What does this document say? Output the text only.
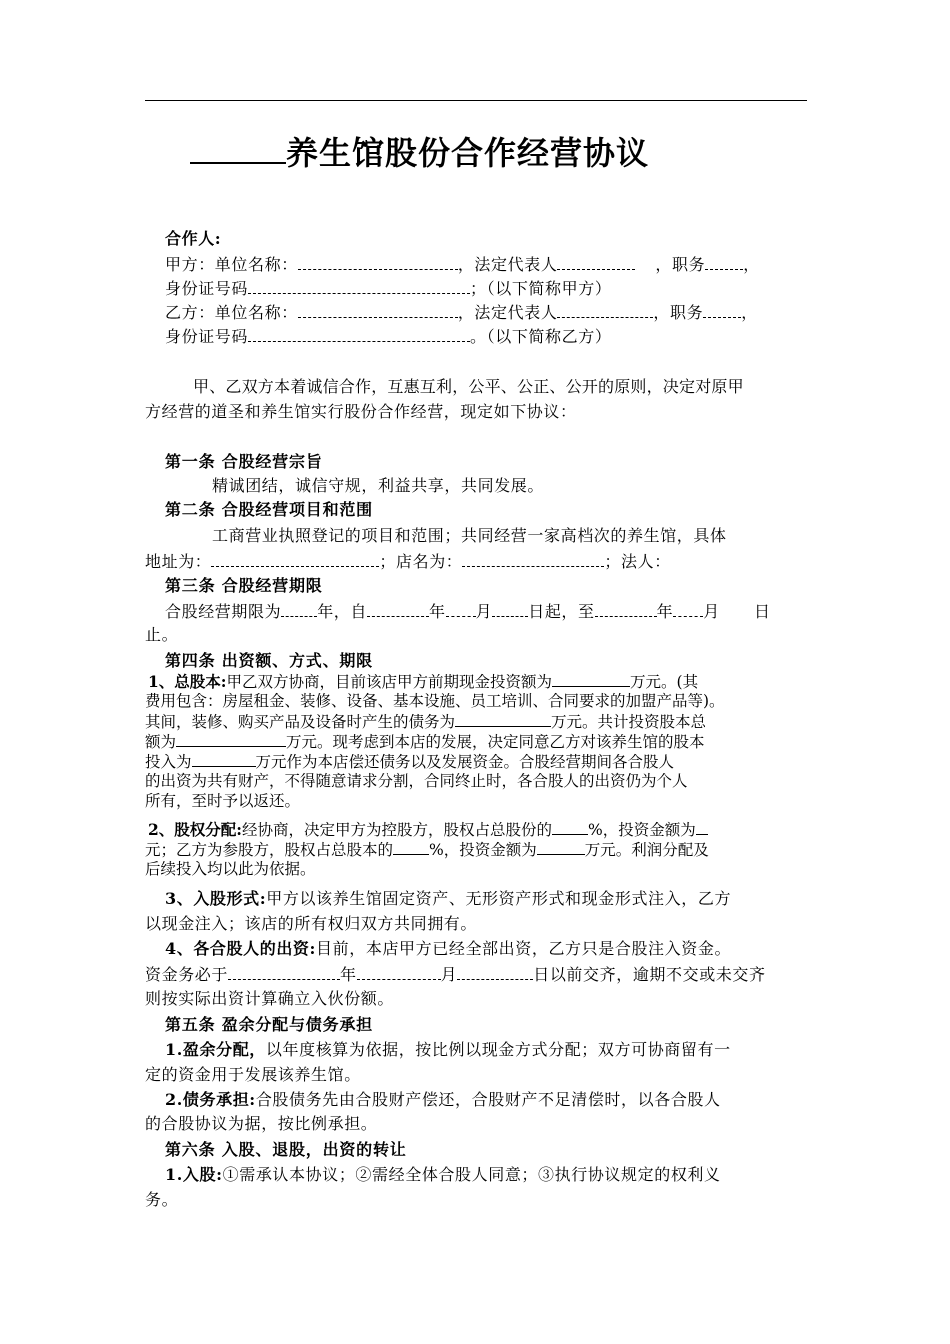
养生馆股份合作经营协议
合作人:
甲方：单位名称：	，法定代表人	，职务 ，
身份证号码	；（以下简称甲方）
乙方：单位名称：	，法定代表人	，职务 ，
身份证号码	。（以下简称乙方）
甲、乙双方本着诚信合作，互惠互利，公平、公正、公开的原则，决定对原甲
方经营的道圣和养生馆实行股份合作经营，现定如下协议：
第一条 合股经营宗旨
精诚团结，诚信守规，利益共享，共同发展。
第二条 合股经营项目和范围
工商营业执照登记的项目和范围；共同经营一家高档次的养生馆，具体
地址为：	；店名为：	；法人：
第三条 合股经营期限
合股经营期限为 年，自	年 月 日起，至	年 月      日
止。
第四条 出资额、方式、期限
1、总股本:甲乙双方协商，目前该店甲方前期现金投资额为	万元。(其
费用包含：房屋租金、装修、设备、基本设施、员工培训、合同要求的加盟产品等)。
其间，装修、购买产品及设备时产生的债务为	万元。共计投资股本总
额为	万元。现考虑到本店的发展，决定同意乙方对该养生馆的股本
投入为	万元作为本店偿还债务以及发展资金。合股经营期间各合股人
的出资为共有财产，不得随意请求分割，合同终止时，各合股人的出资仍为个人
所有，至时予以返还。
2、股权分配:经协商，决定甲方为控股方，股权占总股份的 %，投资金额为
元；乙方为参股方，股权占总股本的 %，投资金额为	万元。利润分配及
后续投入均以此为依据。
3、入股形式:甲方以该养生馆固定资产、无形资产形式和现金形式注入，乙方
以现金注入；该店的所有权归双方共同拥有。
4、各合股人的出资:目前，本店甲方已经全部出资，乙方只是合股注入资金。
资金务必于	年	月	日以前交齐，逾期不交或未交齐
则按实际出资计算确立入伙份额。
第五条 盈余分配与债务承担
1.盈余分配，以年度核算为依据，按比例以现金方式分配；双方可协商留有一
定的资金用于发展该养生馆。
2.债务承担:合股债务先由合股财产偿还，合股财产不足清偿时，以各合股人
的合股协议为据，按比例承担。
第六条 入股、退股，出资的转让
1.入股:①需承认本协议；②需经全体合股人同意；③执行协议规定的权利义
务。
